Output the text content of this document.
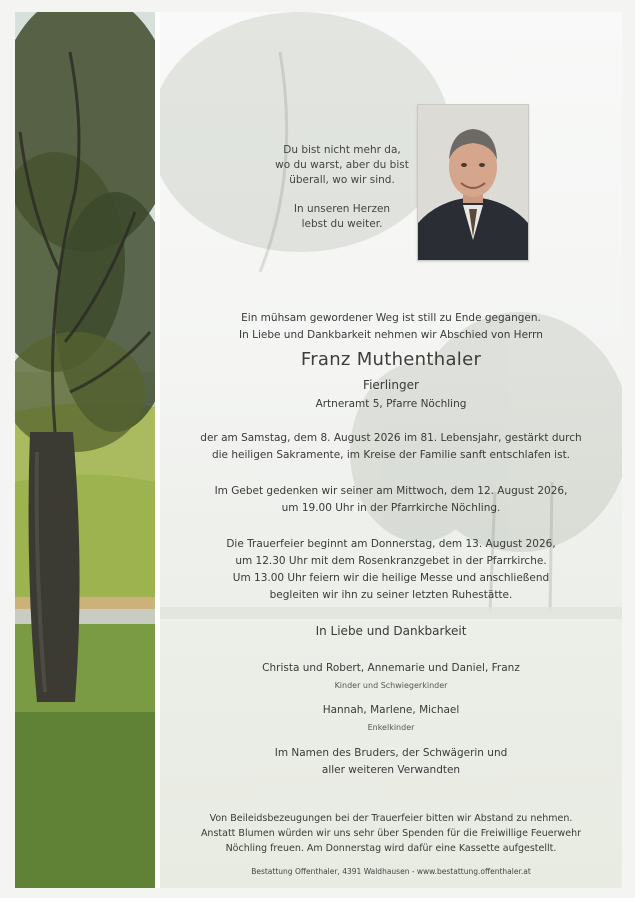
Du bist nicht mehr da,

wo du warst, aber du bist

überall, wo wir sind.

In unseren Herzen

lebst du weiter.

Ein mühsam gewordener Weg ist still zu Ende gegangen.
In Liebe und Dankbarkeit nehmen wir Abschied von Herrn
Franz Muthenthaler
Fierlinger
Artneramt 5, Pfarre Nöchling
der am Samstag, dem 8. August 2026 im 81. Lebensjahr, gestärkt durch
die heiligen Sakramente, im Kreise der Familie sanft entschlafen ist.
Im Gebet gedenken wir seiner am Mittwoch, dem 12. August 2026,
um 19.00 Uhr in der Pfarrkirche Nöchling.
Die Trauerfeier beginnt am Donnerstag, dem 13. August 2026,
um 12.30 Uhr mit dem Rosenkranzgebet in der Pfarrkirche.
Um 13.00 Uhr feiern wir die heilige Messe und anschließend
begleiten wir ihn zu seiner letzten Ruhestätte.
In Liebe und Dankbarkeit
Christa und Robert, Annemarie und Daniel, Franz
Kinder und Schwiegerkinder
Hannah, Marlene, Michael
Enkelkinder
Im Namen des Bruders, der Schwägerin und
aller weiteren Verwandten
Von Beileidsbezeugungen bei der Trauerfeier bitten wir Abstand zu nehmen.
Anstatt Blumen würden wir uns sehr über Spenden für die Freiwillige Feuerwehr
Nöchling freuen. Am Donnerstag wird dafür eine Kassette aufgestellt.
Bestattung Offenthaler, 4391 Waldhausen - www.bestattung.offenthaler.at
